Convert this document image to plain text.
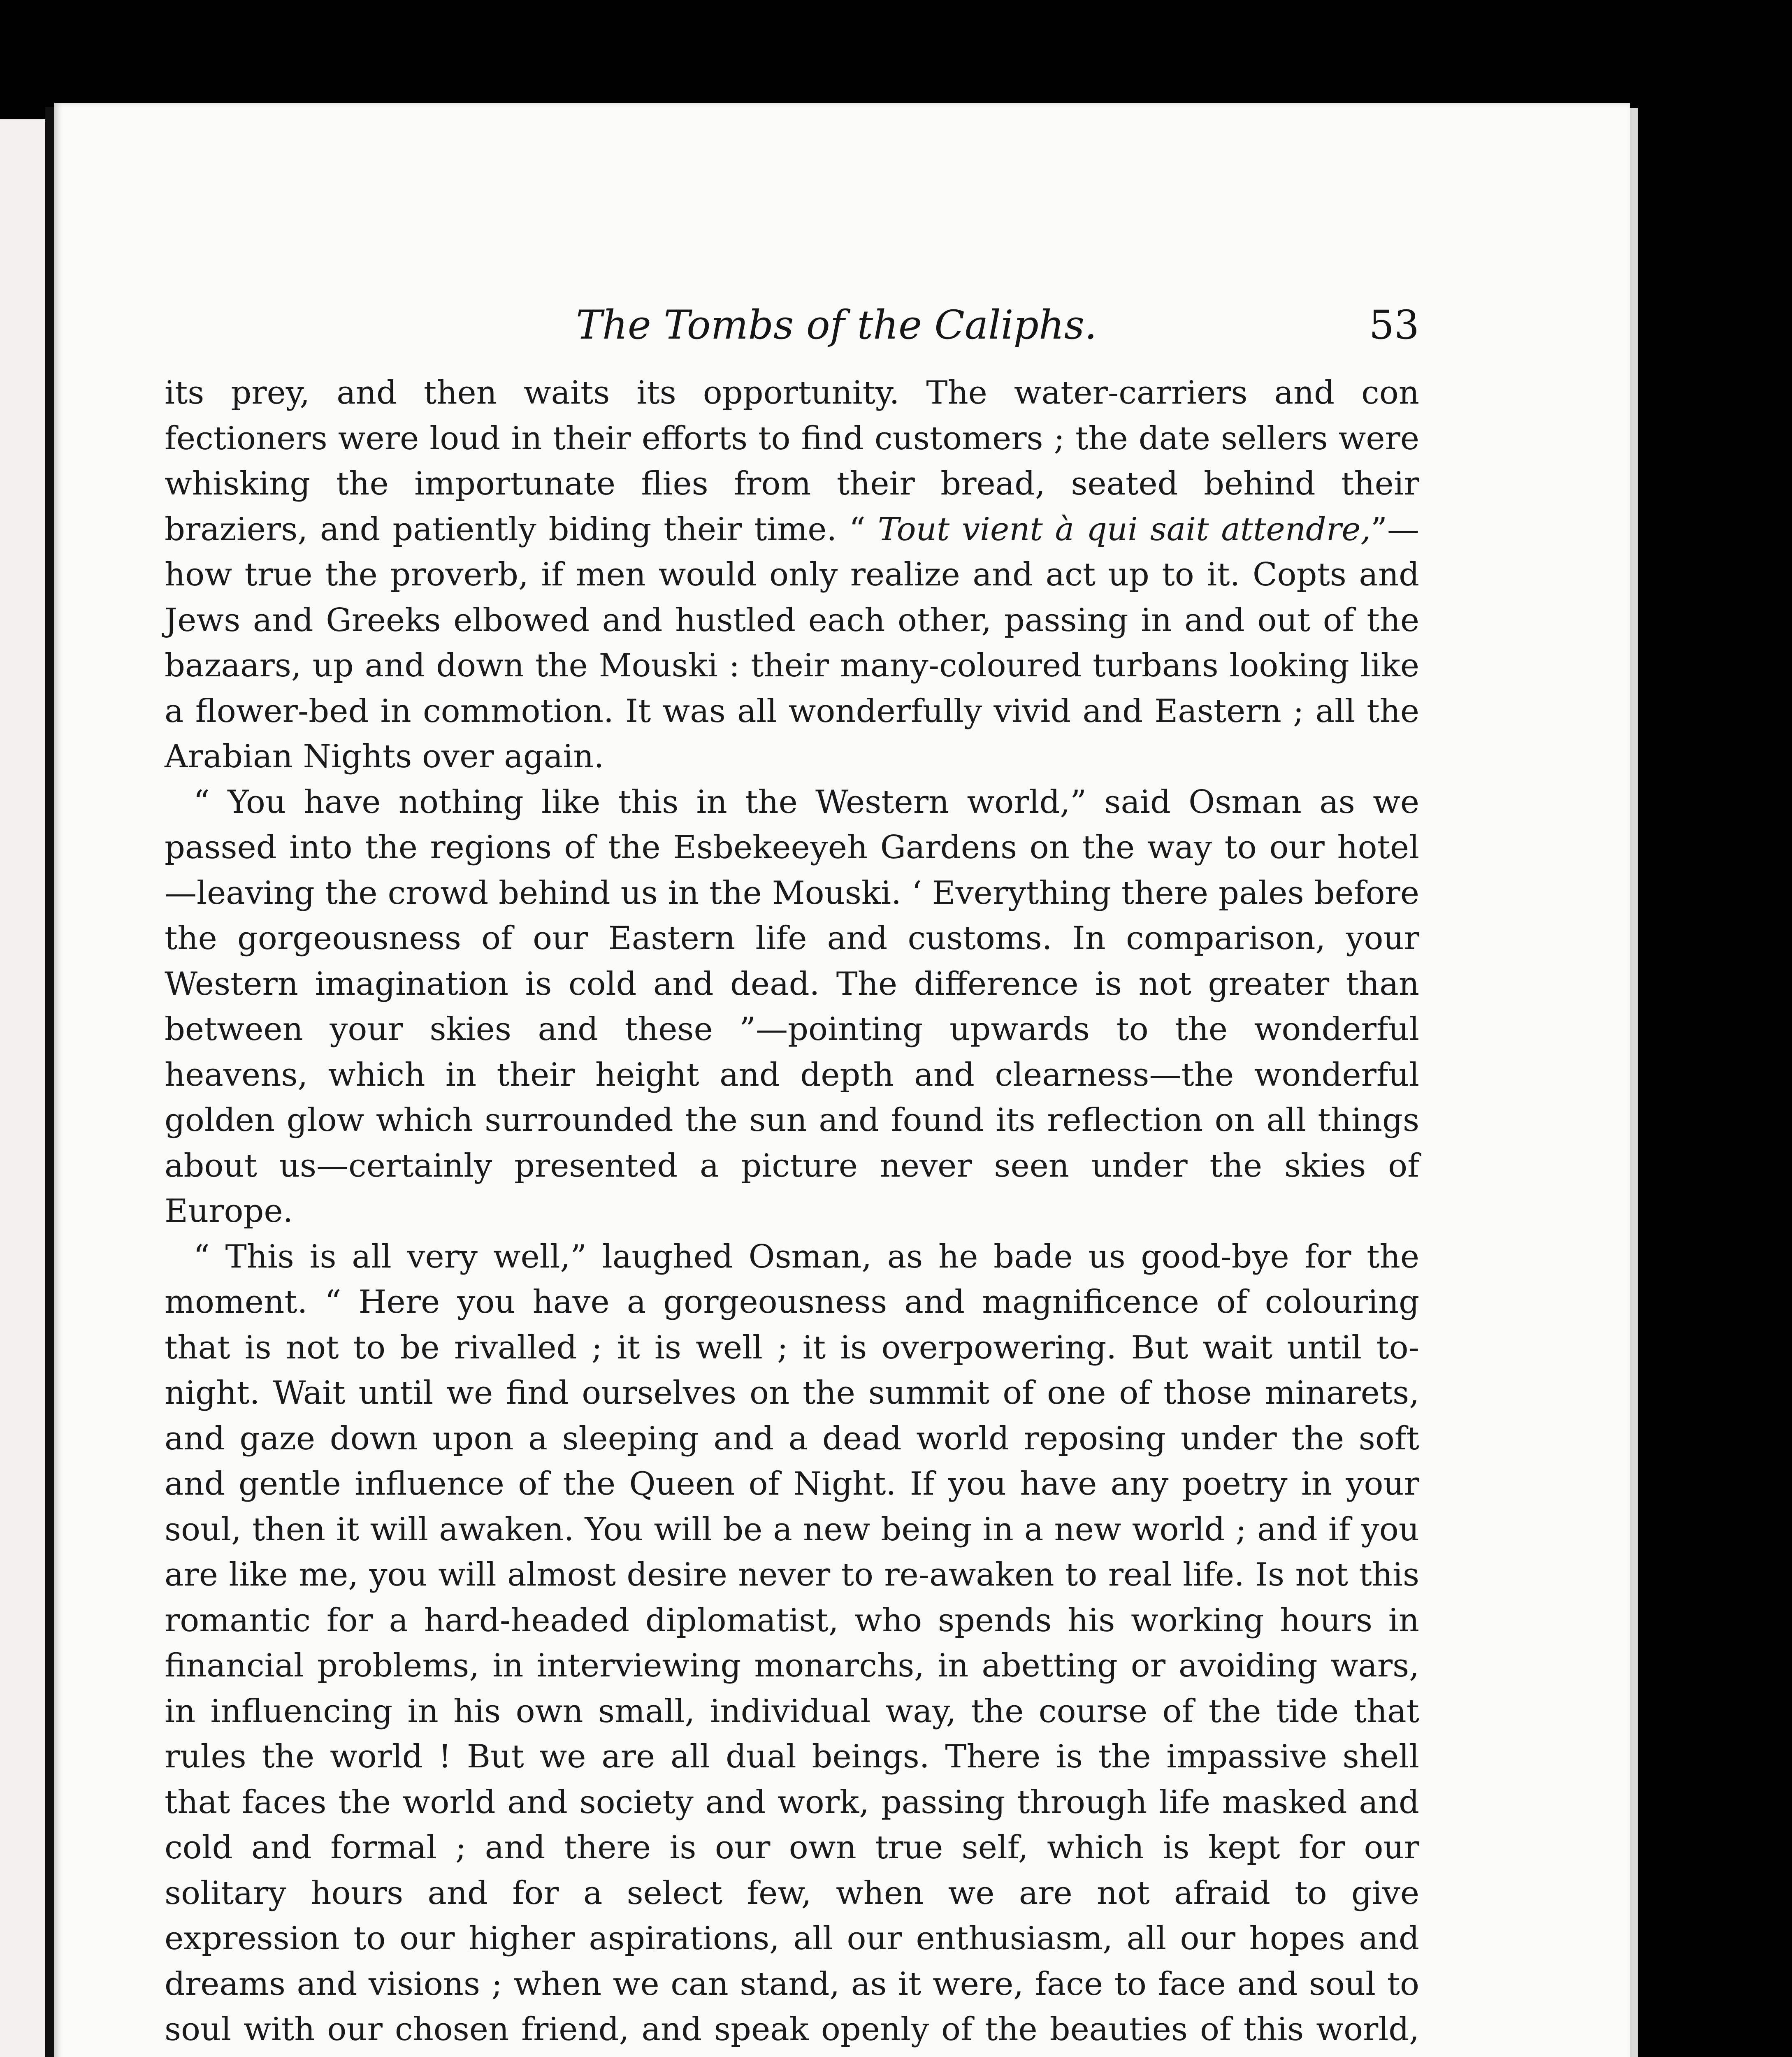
The Tombs of the Caliphs.	53

its prey, and then waits its opportunity. The water-carriers and con fectioners were loud in their efforts to find customers ; the date sellers were whisking the importunate flies from their bread, seated behind their braziers, and patiently biding their time. “ Tout vient à qui sait attendre,”—how true the proverb, if men would only realize and act up to it. Copts and Jews and Greeks elbowed and hustled each other, passing in and out of the bazaars, up and down the Mouski : their many-coloured turbans looking like a flower-bed in commotion. It was all wonderfully vivid and Eastern ; all the Arabian Nights over again.

“ You have nothing like this in the Western world,” said Osman as we passed into the regions of the Esbekeeyeh Gardens on the way to our hotel—leaving the crowd behind us in the Mouski. ‘ Everything there pales before the gorgeousness of our Eastern life and customs. In comparison, your Western imagination is cold and dead. The difference is not greater than between your skies and these ”—pointing upwards to the wonderful heavens, which in their height and depth and clearness—the wonderful golden glow which surrounded the sun and found its reflection on all things about us—certainly presented a picture never seen under the skies of Europe.

“ This is all very well,” laughed Osman, as he bade us good-bye for the moment. “ Here you have a gorgeousness and magnificence of colouring that is not to be rivalled ; it is well ; it is overpowering. But wait until to-night. Wait until we find ourselves on the summit of one of those minarets, and gaze down upon a sleeping and a dead world reposing under the soft and gentle influence of the Queen of Night. If you have any poetry in your soul, then it will awaken. You will be a new being in a new world ; and if you are like me, you will almost desire never to re-awaken to real life. Is not this romantic for a hard-headed diplomatist, who spends his working hours in financial problems, in interviewing monarchs, in abetting or avoiding wars, in influencing in his own small, individual way, the course of the tide that rules the world ! But we are all dual beings. There is the impassive shell that faces the world and society and work, passing through life masked and cold and formal ; and there is our own true self, which is kept for our solitary hours and for a select few, when we are not afraid to give expression to our higher aspirations, all our enthusiasm, all our hopes and dreams and visions ; when we can stand, as it were, face to face and soul to soul with our chosen friend, and speak openly of the beauties of this world,
